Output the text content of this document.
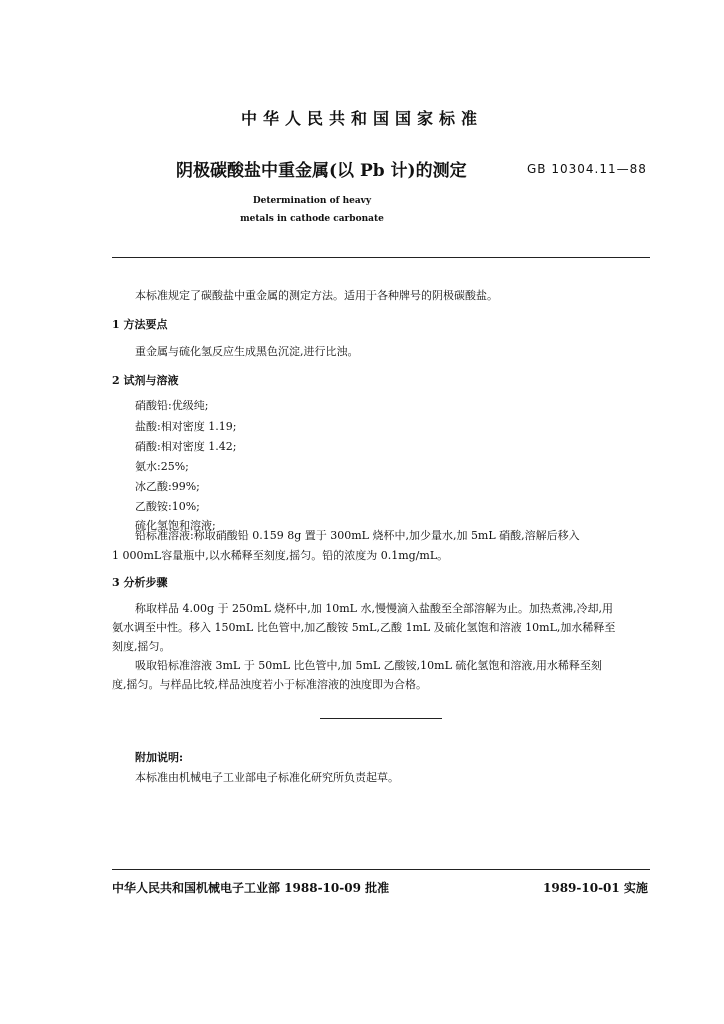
中华人民共和国国家标准
阴极碳酸盐中重金属(以 Pb 计)的测定	GB 10304.11—88
Determination of heavy
metals in cathode carbonate
本标准规定了碳酸盐中重金属的测定方法。适用于各种牌号的阴极碳酸盐。
1 方法要点
重金属与硫化氢反应生成黑色沉淀,进行比浊。
2 试剂与溶液
硝酸铅:优级纯;
盐酸:相对密度 1.19;
硝酸:相对密度 1.42;
氨水:25%;
冰乙酸:99%;
乙酸铵:10%;
硫化氢饱和溶液;
铅标准溶液:称取硝酸铅 0.159 8g 置于 300mL 烧杯中,加少量水,加 5mL 硝酸,溶解后移入
1 000mL容量瓶中,以水稀释至刻度,摇匀。铅的浓度为 0.1mg/mL。
3 分析步骤
称取样品 4.00g 于 250mL 烧杯中,加 10mL 水,慢慢滴入盐酸至全部溶解为止。加热煮沸,冷却,用
氨水调至中性。移入 150mL 比色管中,加乙酸铵 5mL,乙酸 1mL 及硫化氢饱和溶液 10mL,加水稀释至
刻度,摇匀。
吸取铅标准溶液 3mL 于 50mL 比色管中,加 5mL 乙酸铵,10mL 硫化氢饱和溶液,用水稀释至刻
度,摇匀。与样品比较,样品浊度若小于标准溶液的浊度即为合格。
附加说明:
本标准由机械电子工业部电子标准化研究所负责起草。
中华人民共和国机械电子工业部 1988-10-09 批准	1989-10-01 实施
